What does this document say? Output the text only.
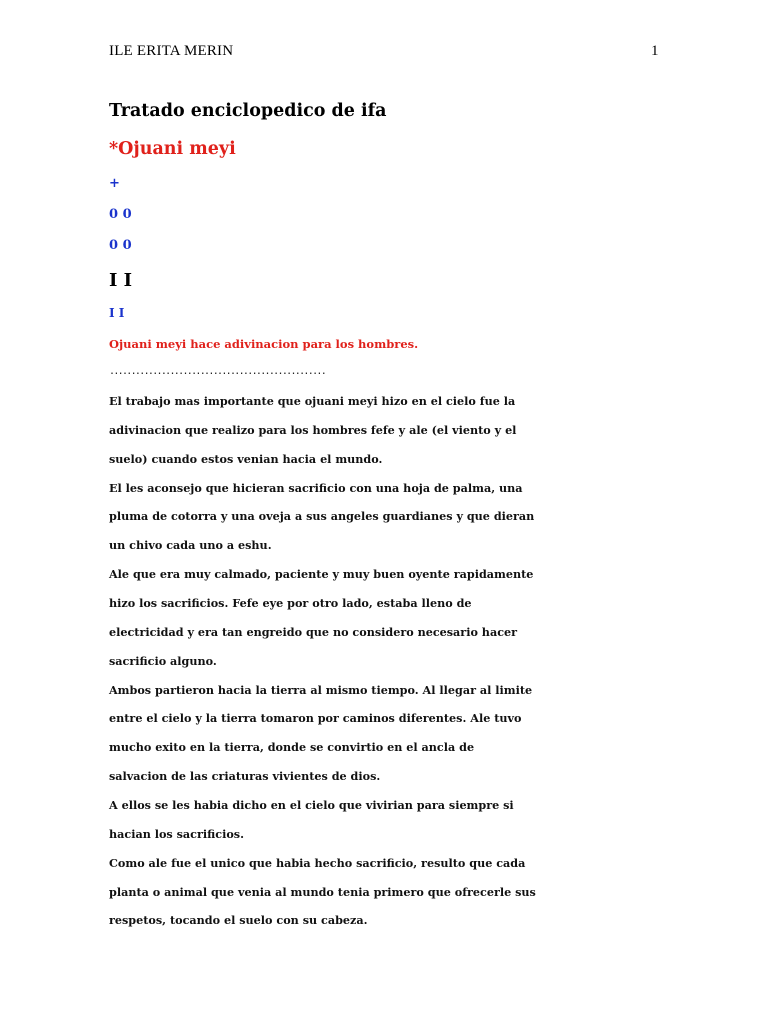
ILE ERITA MERIN	1
Tratado enciclopedico de ifa
*Ojuani meyi
+
0 0
0 0
I I
I I
Ojuani meyi hace adivinacion para los hombres.
..................................................
El trabajo mas importante que ojuani meyi hizo en el cielo fue la
adivinacion que realizo para los hombres fefe y ale (el viento y el
suelo) cuando estos venian hacia el mundo.
El les aconsejo que hicieran sacrificio con una hoja de palma, una
pluma de cotorra y una oveja a sus angeles guardianes y que dieran
un chivo cada uno a eshu.
Ale que era muy calmado, paciente y muy buen oyente rapidamente
hizo los sacrificios. Fefe eye por otro lado, estaba lleno de
electricidad y era tan engreido que no considero necesario hacer
sacrificio alguno.
Ambos partieron hacia la tierra al mismo tiempo. Al llegar al limite
entre el cielo y la tierra tomaron por caminos diferentes. Ale tuvo
mucho exito en la tierra, donde se convirtio en el ancla de
salvacion de las criaturas vivientes de dios.
A ellos se les habia dicho en el cielo que vivirian para siempre si
hacian los sacrificios.
Como ale fue el unico que habia hecho sacrificio, resulto que cada
planta o animal que venia al mundo tenia primero que ofrecerle sus
respetos, tocando el suelo con su cabeza.
